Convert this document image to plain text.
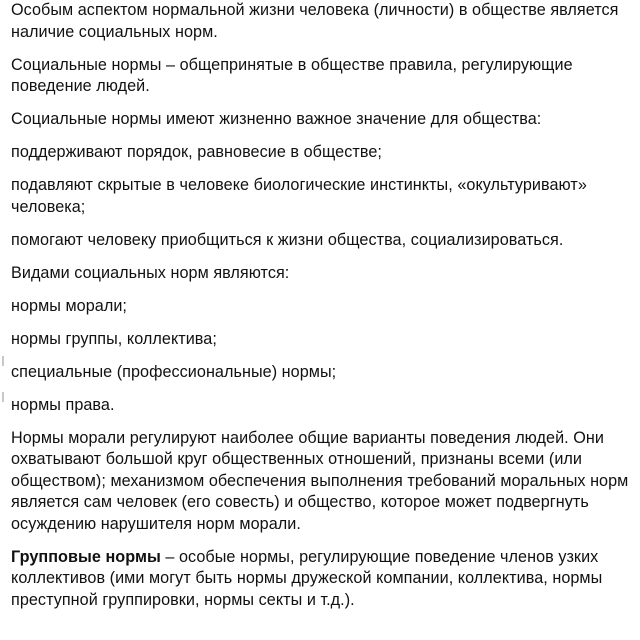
Особым аспектом нормальной жизни человека (личности) в обществе является наличие социальных норм.

Социальные нормы – общепринятые в обществе правила, регулирующие поведение людей.

Социальные нормы имеют жизненно важное значение для общества:

поддерживают порядок, равновесие в обществе;

подавляют скрытые в человеке биологические инстинкты, «окультуривают» человека;

помогают человеку приобщиться к жизни общества, социализироваться.

Видами социальных норм являются:

нормы морали;

нормы группы, коллектива;

специальные (профессиональные) нормы;

нормы права.

Нормы морали регулируют наиболее общие варианты поведения людей. Они охватывают большой круг общественных отношений, признаны всеми (или обществом); механизмом обеспечения выполнения требований моральных норм является сам человек (его совесть) и общество, которое может подвергнуть осуждению нарушителя норм морали.

Групповые нормы – особые нормы, регулирующие поведение членов узких коллективов (ими могут быть нормы дружеской компании, коллектива, нормы преступной группировки, нормы секты и т.д.).
